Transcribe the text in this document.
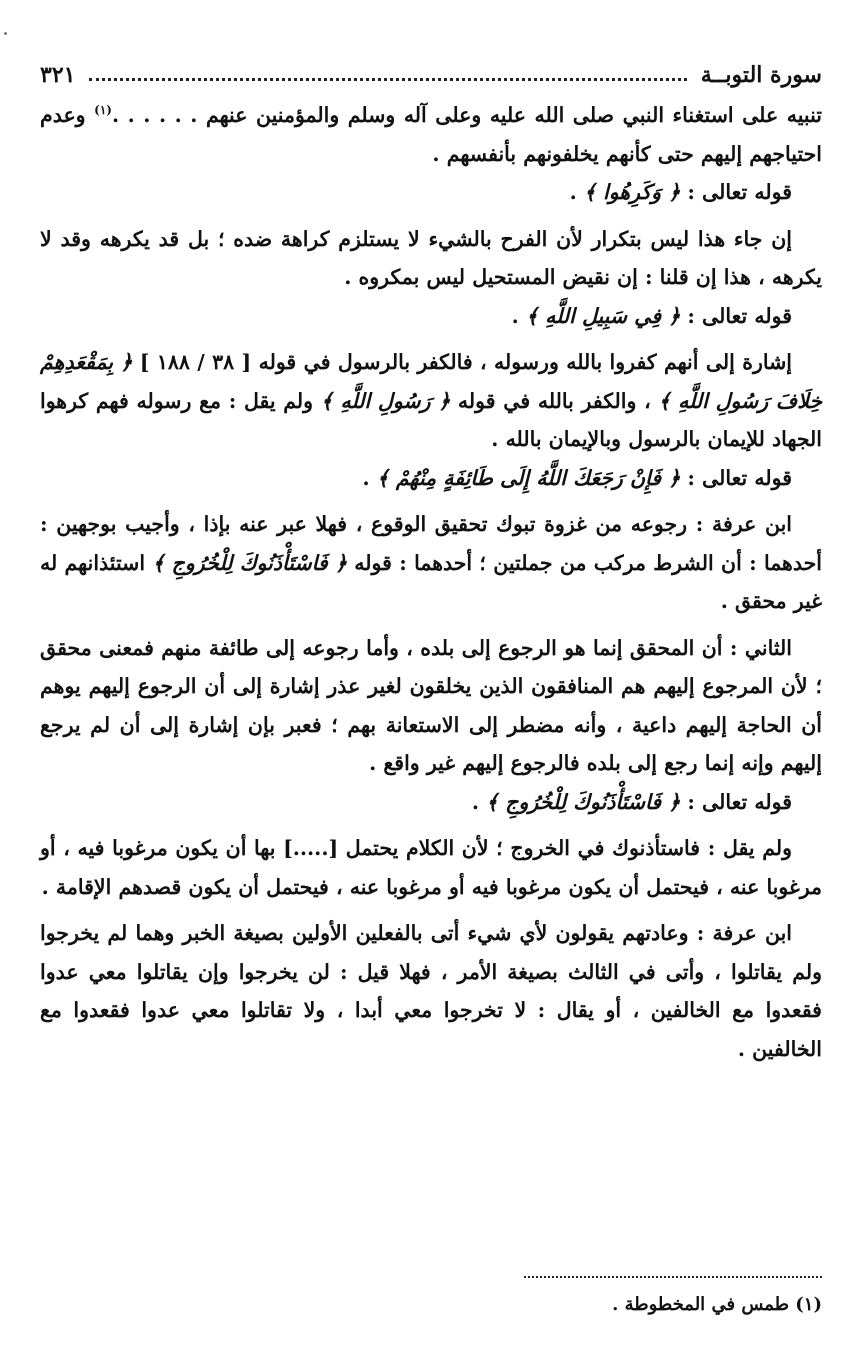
سورة التوبــة
٣٢١

تنبيه على استغناء النبي صلى الله عليه وعلى آله وسلم والمؤمنين عنهم . . . . . .$^{(١)}$ وعدم احتياجهم إليهم حتى كأنهم يخلفونهم بأنفسهم .

قوله تعالى : ﴿ وَكَرِهُوا ﴾ .

إن جاء هذا ليس بتكرار لأن الفرح بالشيء لا يستلزم كراهة ضده ؛ بل قد يكرهه وقد لا يكرهه ، هذا إن قلنا : إن نقيض المستحيل ليس بمكروه .

قوله تعالى : ﴿ فِي سَبِيلِ اللَّهِ ﴾ .

إشارة إلى أنهم كفروا بالله ورسوله ، فالكفر بالرسول في قوله [ ٣٨ / ١٨٨ ] ﴿ بِمَقْعَدِهِمْ خِلَافَ رَسُولِ اللَّهِ ﴾ ، والكفر بالله في قوله ﴿ رَسُولِ اللَّهِ ﴾ ولم يقل : مع رسوله فهم كرهوا الجهاد للإيمان بالرسول وبالإيمان بالله .

قوله تعالى : ﴿ فَإِنْ رَجَعَكَ اللَّهُ إِلَى طَائِفَةٍ مِنْهُمْ ﴾ .

ابن عرفة : رجوعه من غزوة تبوك تحقيق الوقوع ، فهلا عبر عنه بإذا ، وأجيب بوجهين : أحدهما : أن الشرط مركب من جملتين ؛ أحدهما : قوله ﴿ فَاسْتَأْذَنُوكَ لِلْخُرُوجِ ﴾ استئذانهم له غير محقق .

الثاني : أن المحقق إنما هو الرجوع إلى بلده ، وأما رجوعه إلى طائفة منهم فمعنى محقق ؛ لأن المرجوع إليهم هم المنافقون الذين يخلقون لغير عذر إشارة إلى أن الرجوع إليهم يوهم أن الحاجة إليهم داعية ، وأنه مضطر إلى الاستعانة بهم ؛ فعبر بإن إشارة إلى أن لم يرجع إليهم وإنه إنما رجع إلى بلده فالرجوع إليهم غير واقع .

قوله تعالى : ﴿ فَاسْتَأْذَنُوكَ لِلْخُرُوجِ ﴾ .

ولم يقل : فاستأذنوك في الخروج ؛ لأن الكلام يحتمل [.....] بها أن يكون مرغوبا فيه ، أو مرغوبا عنه ، فيحتمل أن يكون مرغوبا فيه أو مرغوبا عنه ، فيحتمل أن يكون قصدهم الإقامة .

ابن عرفة : وعادتهم يقولون لأي شيء أتى بالفعلين الأولين بصيغة الخبر وهما لم يخرجوا ولم يقاتلوا ، وأتى في الثالث بصيغة الأمر ، فهلا قيل : لن يخرجوا وإن يقاتلوا معي عدوا فقعدوا مع الخالفين ، أو يقال : لا تخرجوا معي أبدا ، ولا تقاتلوا معي عدوا فقعدوا مع الخالفين .

(١) طمس في المخطوطة .
